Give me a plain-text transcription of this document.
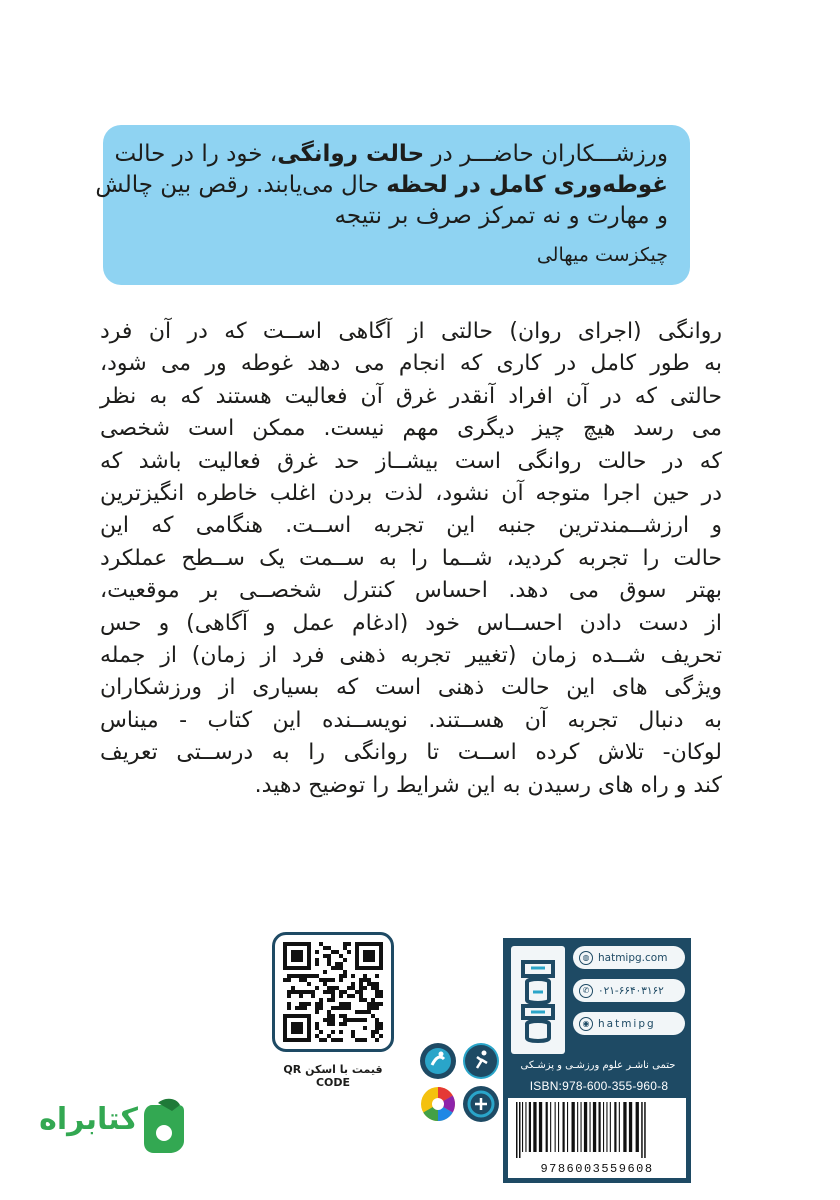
ورزشـــکاران حاضـــر در حالت روانگی، خود را در حالت
غوطه‌وری کامل در لحظه حال می‌یابند. رقص بین چالش
و مهارت و نه تمرکز صرف بر نتیجه
چیکزست میهالی
روانگی (اجرای روان) حالتی از آگاهی اســت که در آن فرد
به طور کامل در کاری که انجام می دهد غوطه ور می شود،
حالتی که در آن افراد آنقدر غرق آن فعالیت هستند که به نظر
می رسد هیچ چیز دیگری مهم نیست. ممکن است شخصی
که در حالت روانگی است بیشــاز حد غرق فعالیت باشد که
در حین اجرا متوجه آن نشود، لذت بردن اغلب خاطره انگیزترین
و ارزشــمندترین جنبه این تجربه اســت. هنگامی که این
حالت را تجربه کردید، شــما را به ســمت یک ســطح عملکرد
بهتر سوق می دهد. احساس کنترل شخصــی بر موقعیت،
از دست دادن احســاس خود (ادغام عمل و آگاهی) و حس
تحریف شــده زمان (تغییر تجربه ذهنی فرد از زمان) از جمله
ویژگی های این حالت ذهنی است که بسیاری از ورزشکاران
به دنبال تجربه آن هســتند. نویســنده این کتاب - میناس
لوکان- تلاش کرده اســت تا روانگی را به درســتی تعریف
کند و راه های رسیدن به این شرایط را توضیح دهید.
◍ hatmipg.com
✆ ۰۲۱-۶۶۴۰۳۱۶۲
◉ hatmipg
حتمی ناشـر علوم ورزشـی و پزشـکی
ISBN:978-600-355-960-8
9786003559608
قیمت با اسکن QR CODE
کتابراه
